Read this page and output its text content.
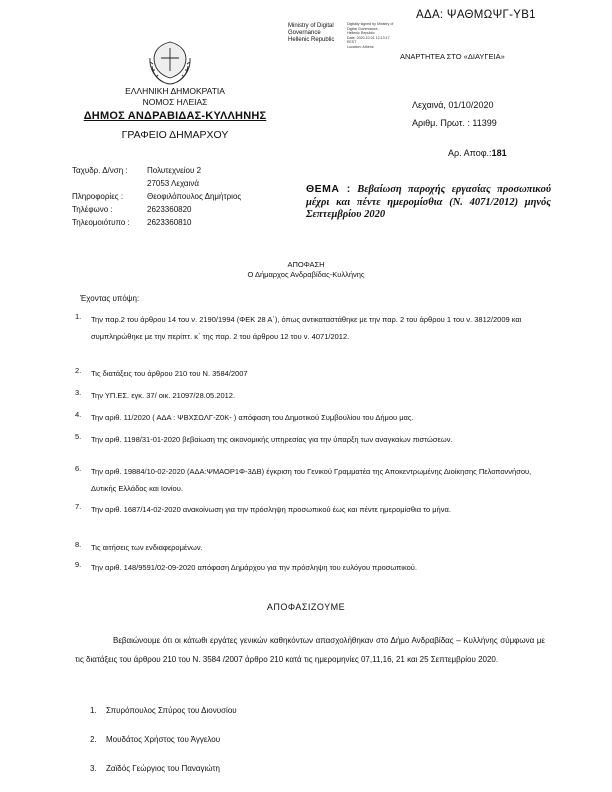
ΑΔΑ: ΨΑΘΜΩΨΓ-ΥΒ1
Ministry of Digital
Governance
Hellenic Republic
Digitally signed by Ministry of
Digital Governance,
Hellenic Republic
Date: 2020.10.01 12:13:17
EEST
Location: Athens
ΑΝΑΡΤΗΤΕΑ ΣΤΟ «ΔΙΑΥΓΕΙΑ»
ΕΛΛΗΝΙΚΗ ΔΗΜΟΚΡΑΤΙΑ
ΝΟΜΟΣ ΗΛΕΙΑΣ
ΔΗΜΟΣ ΑΝΔΡΑΒΙΔΑΣ-ΚΥΛΛΗΝΗΣ
ΓΡΑΦΕΙΟ ΔΗΜΑΡΧΟΥ
Λεχαινά, 01/10/2020
Αριθμ. Πρωτ. : 11399
Αρ. Αποφ.:181
Ταχυδρ. Δ/νση : Πολυτεχνείου 2
27053 Λεχαινά
Πληροφορίες :	Θεοφιλόπουλος Δημήτριος
Τηλέφωνο :	2623360820
Τηλεομοιότυπο : 2623360810
ΘΕΜΑ : Βεβαίωση παροχής εργασίας προσωπικού μέχρι και πέντε ημερομίσθια (Ν. 4071/2012) μηνός Σεπτεμβρίου 2020
ΑΠΟΦΑΣΗ
Ο Δήμαρχος Ανδραβίδας-Κυλλήνης
Έχοντας υπόψη:
1. Την παρ.2 του άρθρου 14 του ν. 2190/1994 (ΦΕΚ 28 Α΄), όπως αντικαταστάθηκε με την παρ. 2 του άρθρου 1 του ν. 3812/2009 και συμπληρώθηκε με την περίπτ. κ΄ της παρ. 2 του άρθρου 12 του ν. 4071/2012.
2. Τις διατάξεις του άρθρου 210 του Ν. 3584/2007
3. Την ΥΠ.ΕΣ. εγκ. 37/ οικ. 21097/28.05.2012.
4. Την αριθ. 11/2020 ( ΑΔΑ : ΨΒΧΣΩΛΓ-Ζ0Κ- ) απόφαση του Δημοτικού Συμβουλίου του Δήμου μας.
5. Την αριθ. 1198/31-01-2020 βεβαίωση της οικονομικής υπηρεσίας για την ύπαρξη των αναγκαίων πιστώσεων.
6. Την αριθ. 19884/10-02-2020 (ΑΔΑ:ΨΜΑΟΡ1Φ-3ΔΒ) έγκριση του Γενικού Γραμματέα της Αποκεντρωμένης Διοίκησης Πελοποννήσου, Δυτικής Ελλάδος και Ιονίου.
7. Την αριθ. 1687/14-02-2020 ανακοίνωση για την πρόσληψη προσωπικού έως και πέντε ημερομίσθια το μήνα.
8. Τις αιτήσεις των ενδιαφερομένων.
9. Την αριθ. 148/9591/02-09-2020 απόφαση Δημάρχου για την πρόσληψη του ευλόγου προσωπικού.
ΑΠΟΦΑΣΙΖΟΥΜΕ
Βεβαιώνουμε ότι οι κάτωθι εργάτες γενικών καθηκόντων απασχολήθηκαν στο Δήμο Ανδραβίδας – Κυλλήνης σύμφωνα με τις διατάξεις του άρθρου 210 του Ν. 3584 /2007 άρθρο 210 κατά τις ημερομηνίες 07,11,16, 21 και 25 Σεπτεμβρίου 2020.
1. Σπυρόπουλος Σπύρος του Διονυσίου
2. Μουδάτος Χρήστος του Άγγελου
3. Ζαϊδός Γεώργιος του Παναγιώτη
